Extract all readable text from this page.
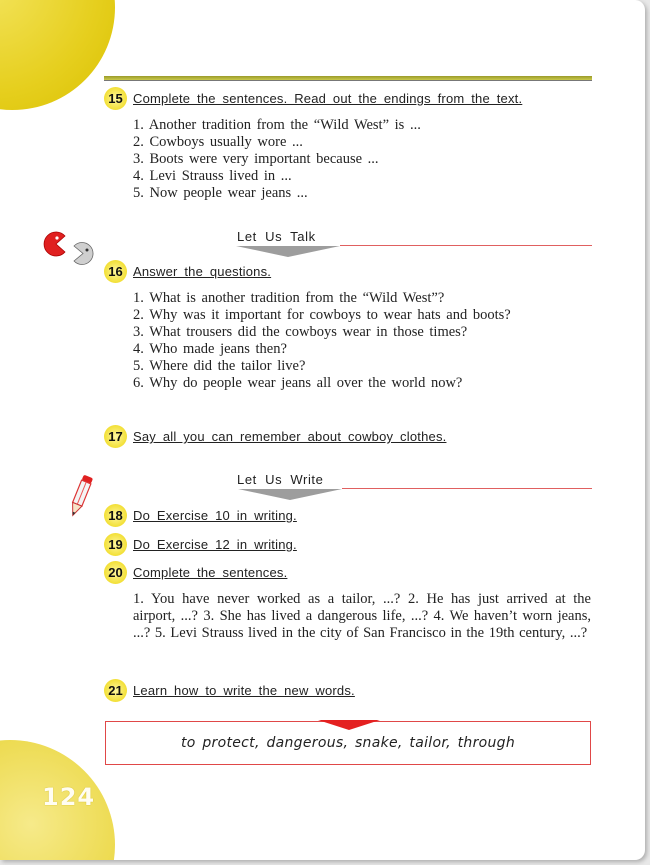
124
15 Complete the sentences. Read out the endings from the text.
1. Another tradition from the “Wild West” is ...
2. Cowboys usually wore ...
3. Boots were very important because ...
4. Levi Strauss lived in ...
5. Now people wear jeans ...
Let Us Talk
16 Answer the questions.
1. What is another tradition from the “Wild West”?
2. Why was it important for cowboys to wear hats and boots?
3. What trousers did the cowboys wear in those times?
4. Who made jeans then?
5. Where did the tailor live?
6. Why do people wear jeans all over the world now?
17 Say all you can remember about cowboy clothes.
Let Us Write
18 Do Exercise 10 in writing.
19 Do Exercise 12 in writing.
20 Complete the sentences.

1. You have never worked as a tailor, ...? 2. He has just arrived at the airport, ...? 3. She has lived a dangerous life, ...? 4. We haven’t worn jeans, ...? 5. Levi Strauss lived in the city of San Francisco in the 19th century, ...?

21 Learn how to write the new words.
to protect, dangerous, snake, tailor, through
